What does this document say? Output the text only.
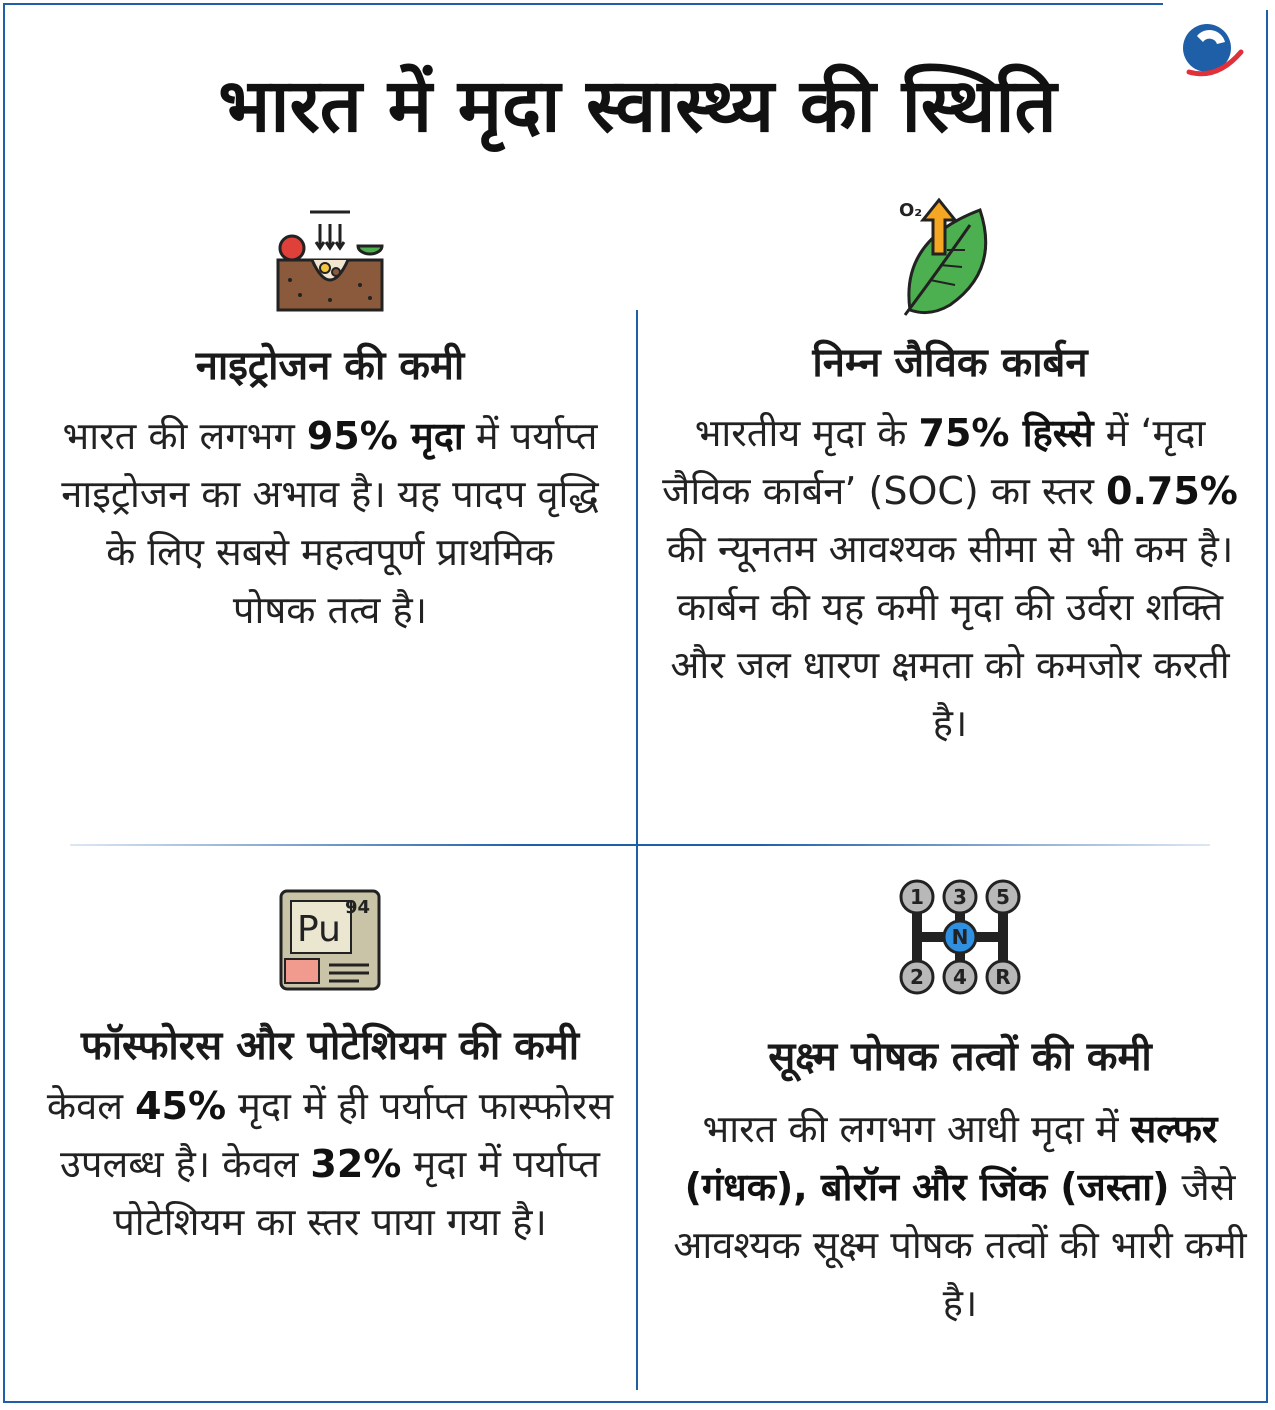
भारत में मृदा स्वास्थ्य की स्थिति
नाइट्रोजन की कमी

भारत की लगभग 95% मृदा में पर्याप्त नाइट्रोजन का अभाव है। यह पादप वृद्धि के लिए सबसे महत्वपूर्ण प्राथमिक पोषक तत्व है।

O₂
निम्न जैविक कार्बन

भारतीय मृदा के 75% हिस्से में ‘मृदा जैविक कार्बन’ (SOC) का स्तर 0.75% की न्यूनतम आवश्यक सीमा से भी कम है। कार्बन की यह कमी मृदा की उर्वरा शक्ति और जल धारण क्षमता को कमजोर करती है।

Pu
94
फॉस्फोरस और पोटेशियम की कमी

केवल 45% मृदा में ही पर्याप्त फास्फोरस उपलब्ध है। केवल 32% मृदा में पर्याप्त पोटेशियम का स्तर पाया गया है।

1 3 5
N
2 4 R
सूक्ष्म पोषक तत्वों की कमी

भारत की लगभग आधी मृदा में सल्फर (गंधक), बोरॉन और जिंक (जस्ता) जैसे आवश्यक सूक्ष्म पोषक तत्वों की भारी कमी है।
